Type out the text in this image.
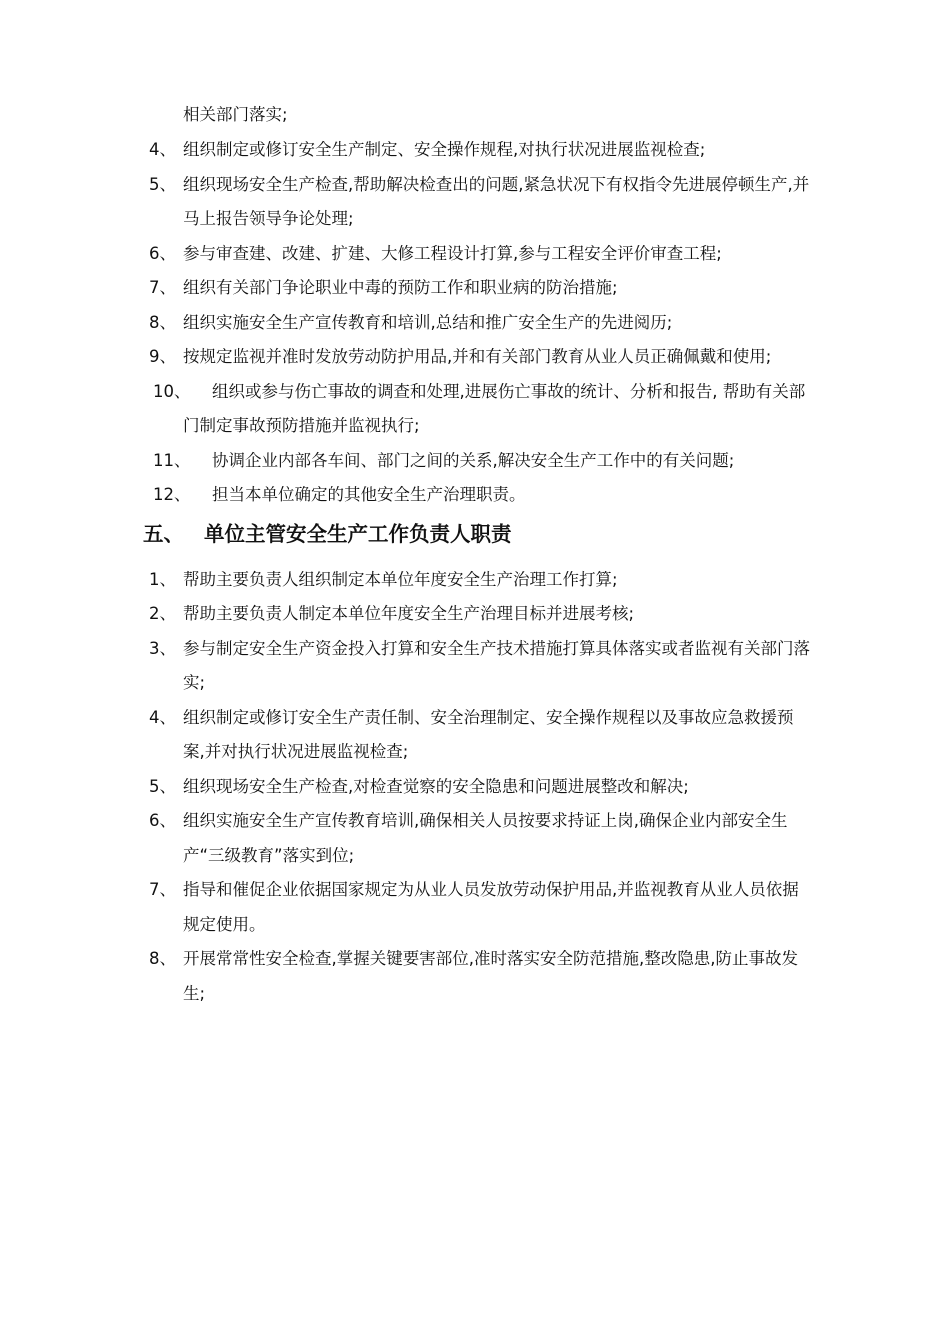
相关部门落实;
4、 组织制定或修订安全生产制定、安全操作规程,对执行状况进展监视检查;
5、 组织现场安全生产检查,帮助解决检查出的问题,紧急状况下有权指令先进展停顿生产,并马上报告领导争论处理;
6、 参与审查建、改建、扩建、大修工程设计打算,参与工程安全评价审查工程;
7、 组织有关部门争论职业中毒的预防工作和职业病的防治措施;
8、 组织实施安全生产宣传教育和培训,总结和推广安全生产的先进阅历;
9、 按规定监视并准时发放劳动防护用品,并和有关部门教育从业人员正确佩戴和使用;
10、	组织或参与伤亡事故的调查和处理,进展伤亡事故的统计、分析和报告, 帮助有关部门制定事故预防措施并监视执行;
11、	协调企业内部各车间、部门之间的关系,解决安全生产工作中的有关问题;
12、	担当本单位确定的其他安全生产治理职责。
五、 单位主管安全生产工作负责人职责
1、 帮助主要负责人组织制定本单位年度安全生产治理工作打算;
2、 帮助主要负责人制定本单位年度安全生产治理目标并进展考核;
3、 参与制定安全生产资金投入打算和安全生产技术措施打算具体落实或者监视有关部门落实;
4、 组织制定或修订安全生产责任制、安全治理制定、安全操作规程以及事故应急救援预案,并对执行状况进展监视检查;
5、 组织现场安全生产检查,对检查觉察的安全隐患和问题进展整改和解决;
6、 组织实施安全生产宣传教育培训,确保相关人员按要求持证上岗,确保企业内部安全生产“三级教育”落实到位;
7、 指导和催促企业依据国家规定为从业人员发放劳动保护用品,并监视教育从业人员依据规定使用。
8、 开展常常性安全检查,掌握关键要害部位,准时落实安全防范措施,整改隐患,防止事故发生;
